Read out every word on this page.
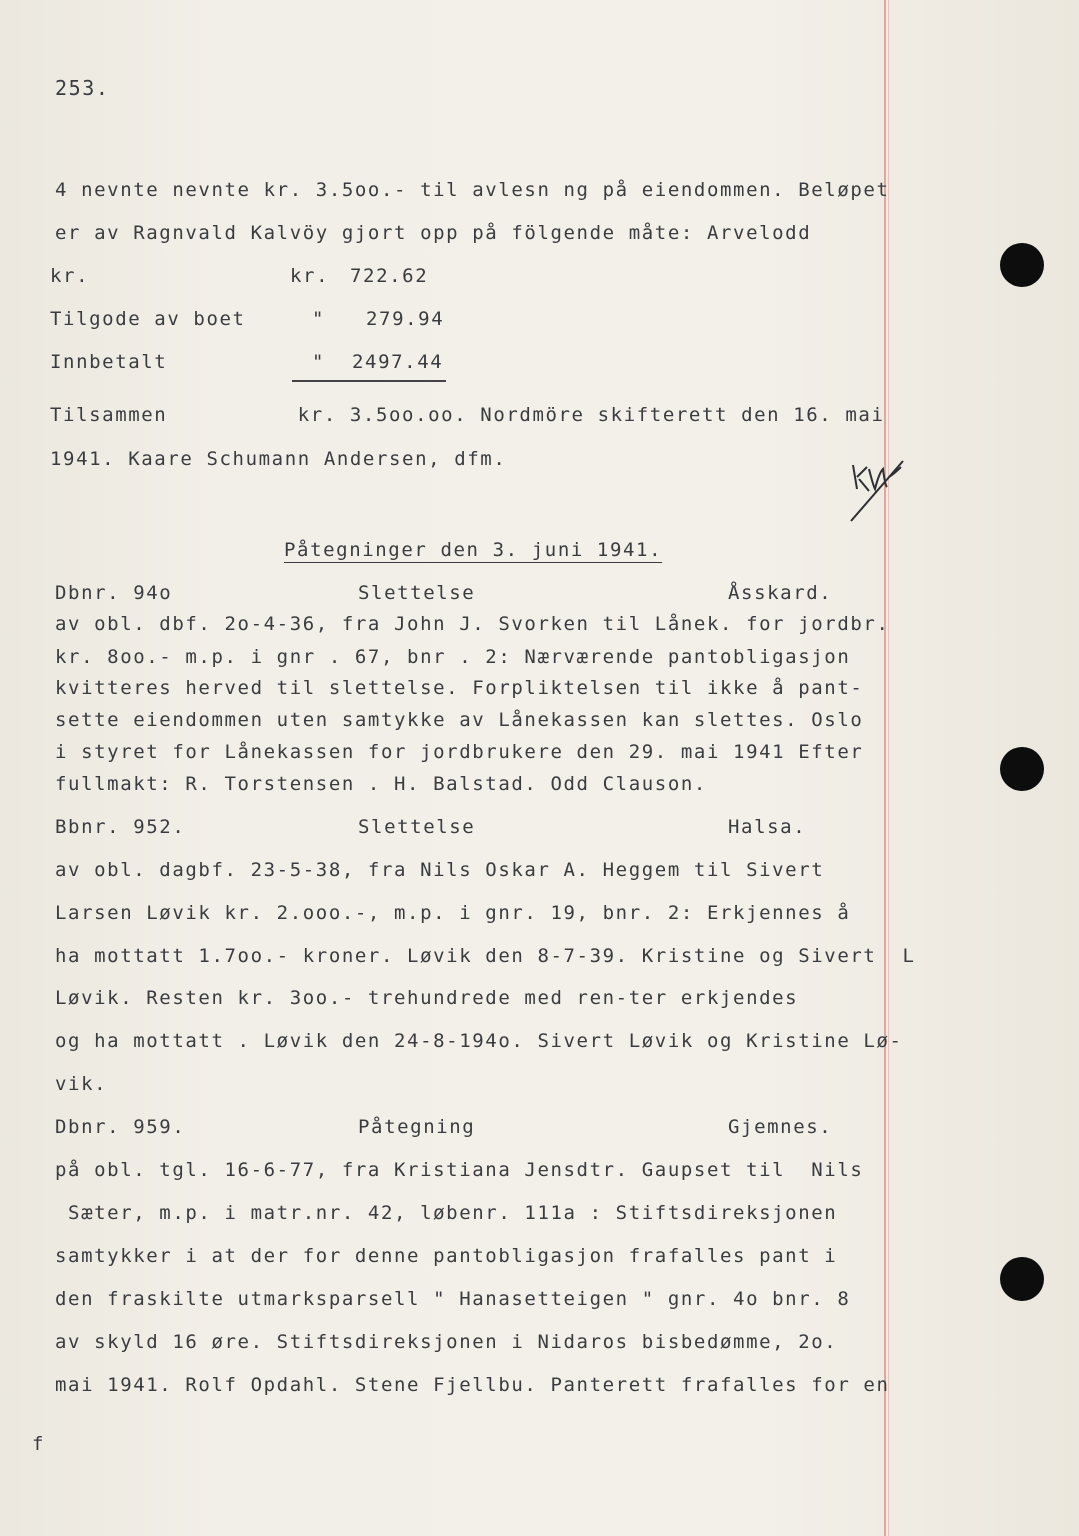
253.
4 nevnte nevnte kr. 3.5oo.- til avlesn ng på eiendommen. Beløpet
er av Ragnvald Kalvöy gjort opp på fölgende måte: Arvelodd
kr.	kr. 722.62
Tilgode av boet	" 279.94
Innbetalt	" 2497.44
Tilsammen          kr. 3.5oo.oo. Nordmöre skifterett den 16. mai
1941. Kaare Schumann Andersen, dfm.
Påtegninger den 3. juni 1941.
Dbnr. 94o	Slettelse	Åsskard.
av obl. dbf. 2o-4-36, fra John J. Svorken til Lånek. for jordbr.
kr. 8oo.- m.p. i gnr . 67, bnr . 2: Nærværende pantobligasjon
kvitteres herved til slettelse. Forpliktelsen til ikke å pant-
sette eiendommen uten samtykke av Lånekassen kan slettes. Oslo
i styret for Lånekassen for jordbrukere den 29. mai 1941 Efter
fullmakt: R. Torstensen . H. Balstad. Odd Clauson.
Bbnr. 952.	Slettelse	Halsa.
av obl. dagbf. 23-5-38, fra Nils Oskar A. Heggem til Sivert
Larsen Løvik kr. 2.ooo.-, m.p. i gnr. 19, bnr. 2: Erkjennes å
ha mottatt 1.7oo.- kroner. Løvik den 8-7-39. Kristine og Sivert  L
Løvik. Resten kr. 3oo.- trehundrede med ren-ter erkjendes
og ha mottatt . Løvik den 24-8-194o. Sivert Løvik og Kristine Lø-
vik.
Dbnr. 959.	Påtegning	Gjemnes.
på obl. tgl. 16-6-77, fra Kristiana Jensdtr. Gaupset til  Nils
Sæter, m.p. i matr.nr. 42, løbenr. 111a : Stiftsdireksjonen
samtykker i at der for denne pantobligasjon frafalles pant i
den fraskilte utmarksparsell " Hanasetteigen " gnr. 4o bnr. 8
av skyld 16 øre. Stiftsdireksjonen i Nidaros bisbedømme, 2o.
mai 1941. Rolf Opdahl. Stene Fjellbu. Panterett frafalles for en
f
